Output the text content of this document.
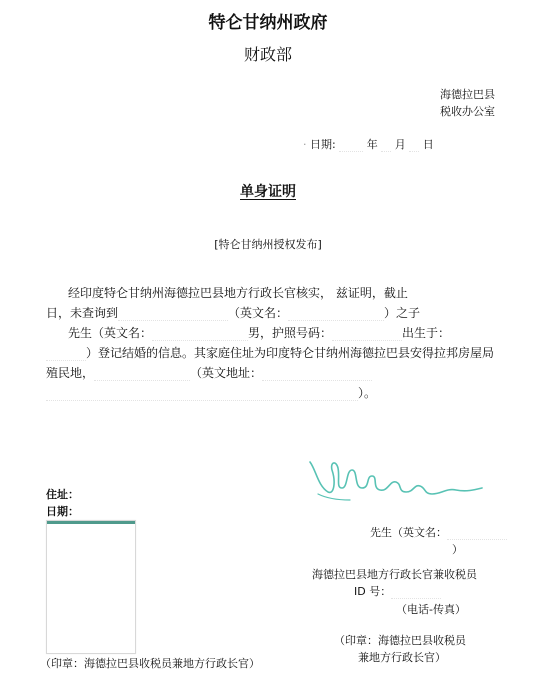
特仑甘纳州政府
财政部
海德拉巴县
税收办公室
· 日期:	年 月 日
单身证明
[特仑甘纳州授权发布]
经印度特仑甘纳州海德拉巴县地方行政长官核实， 兹证明，截止
日，未查询到	（英文名：	）之子
先生（英文名：	男，护照号码：	出生于：
）登记结婚的信息。其家庭住址为印度特仑甘纳州海德拉巴县安得拉邦房屋局
殖民地，	（英文地址：
）。
住址：
日期：
（印章：海德拉巴县收税员兼地方行政长官）
先生（英文名：
）
海德拉巴县地方行政长官兼收税员
ID 号：
（电话-传真）
（印章：海德拉巴县收税员
兼地方行政长官）
